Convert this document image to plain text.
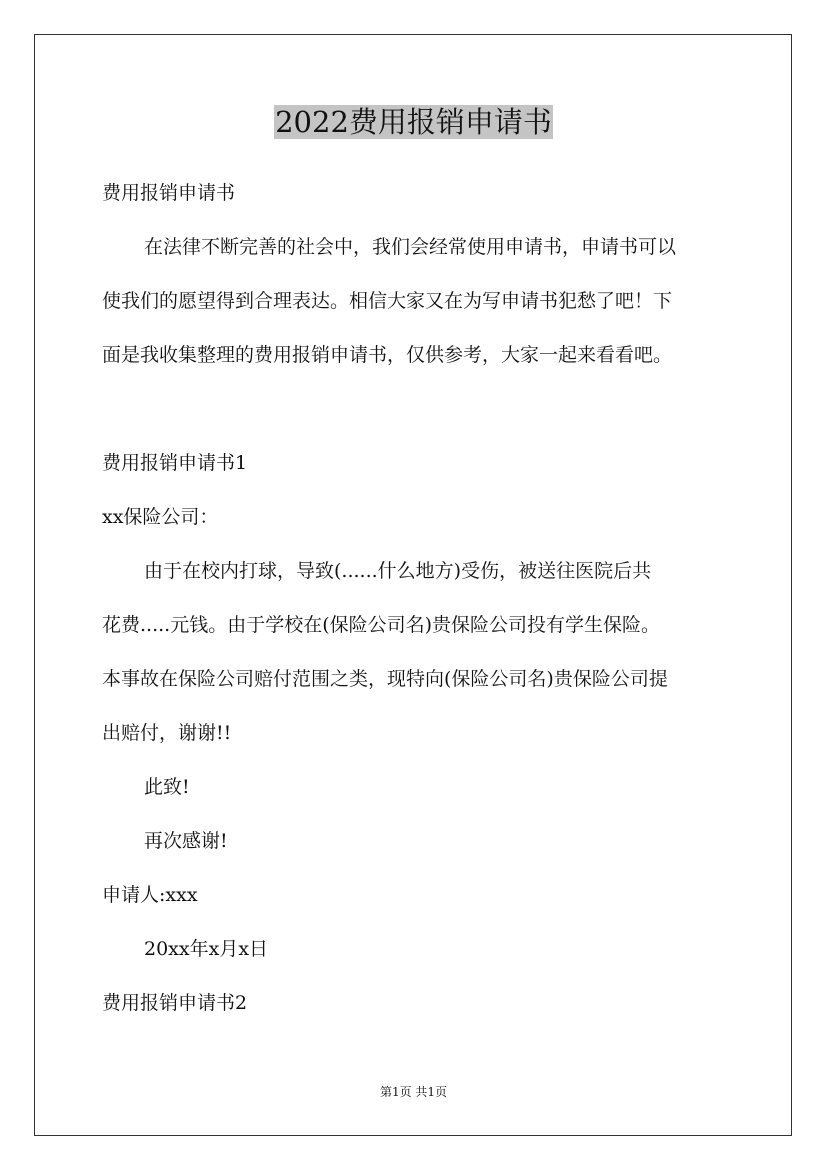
2022费用报销申请书

费用报销申请书

在法律不断完善的社会中，我们会经常使用申请书，申请书可以

使我们的愿望得到合理表达。相信大家又在为写申请书犯愁了吧！下

面是我收集整理的费用报销申请书，仅供参考，大家一起来看看吧。

费用报销申请书1

xx保险公司：

由于在校内打球，导致(......什么地方)受伤，被送往医院后共

花费.....元钱。由于学校在(保险公司名)贵保险公司投有学生保险。

本事故在保险公司赔付范围之类，现特向(保险公司名)贵保险公司提

出赔付，谢谢!!

此致!

再次感谢!

申请人:xxx

20xx年x月x日

费用报销申请书2

第1页 共1页
